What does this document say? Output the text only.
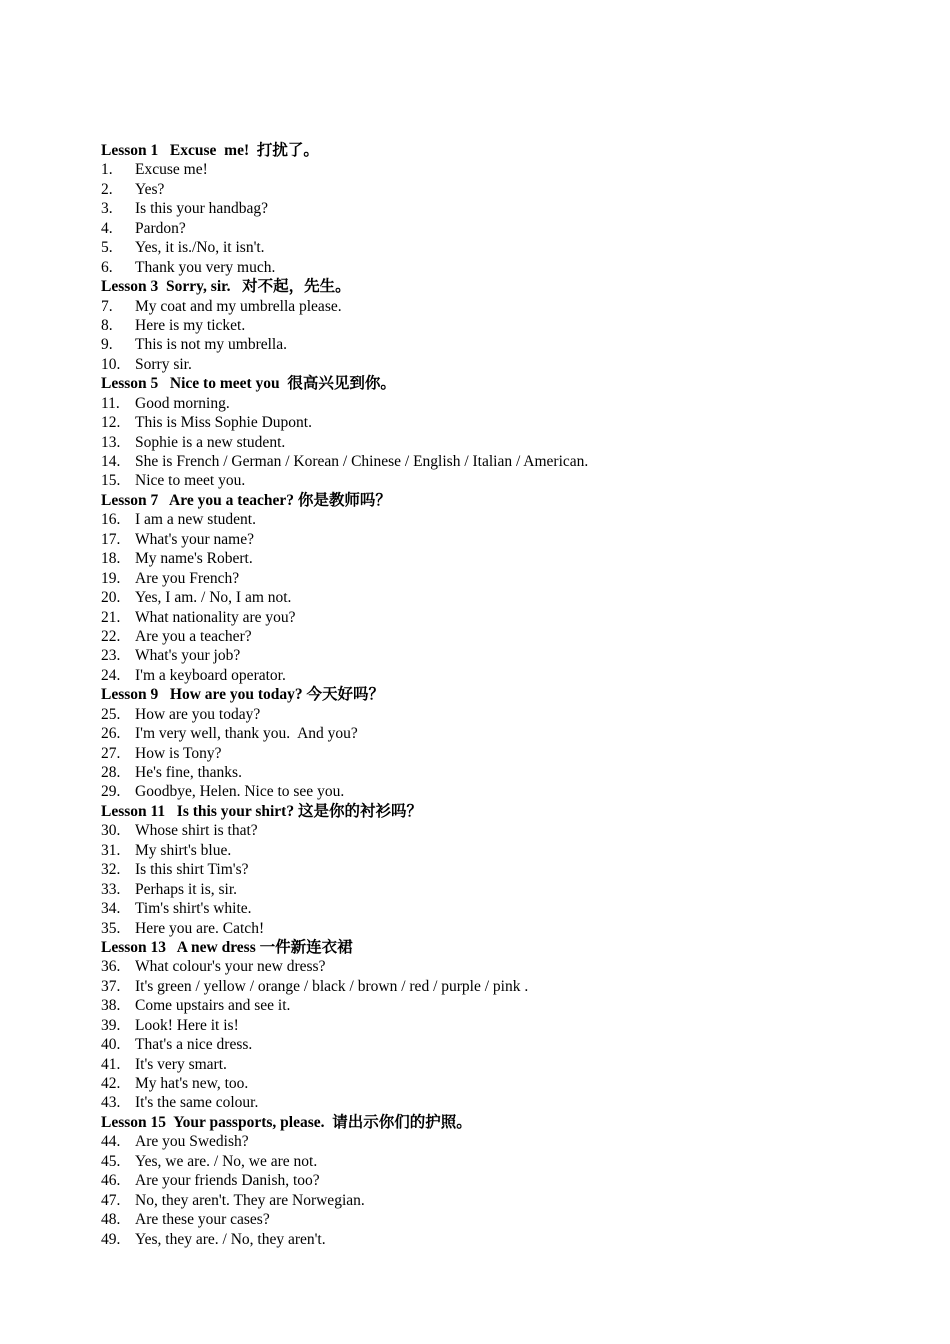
Lesson 1   Excuse  me!  打扰了。
1.	Excuse me!
2.	Yes?
3.	Is this your handbag?
4.	Pardon?
5.	Yes, it is./No, it isn't.
6.	Thank you very much.
Lesson 3  Sorry, sir.   对不起，先生。
7.	My coat and my umbrella please.
8.	Here is my ticket.
9.	This is not my umbrella.
10. Sorry sir.
Lesson 5   Nice to meet you  很高兴见到你。
11. Good morning.
12. This is Miss Sophie Dupont.
13. Sophie is a new student.
14. She is French / German / Korean / Chinese / English / Italian / American.
15. Nice to meet you.
Lesson 7   Are you a teacher? 你是教师吗？
16. I am a new student.
17. What's your name?
18. My name's Robert.
19. Are you French?
20. Yes, I am. / No, I am not.
21. What nationality are you?
22. Are you a teacher?
23. What's your job?
24. I'm a keyboard operator.
Lesson 9   How are you today? 今天好吗？
25. How are you today?
26. I'm very well, thank you.  And you?
27. How is Tony?
28. He's fine, thanks.
29. Goodbye, Helen. Nice to see you.
Lesson 11   Is this your shirt? 这是你的衬衫吗？
30. Whose shirt is that?
31. My shirt's blue.
32. Is this shirt Tim's?
33. Perhaps it is, sir.
34. Tim's shirt's white.
35. Here you are. Catch!
Lesson 13   A new dress 一件新连衣裙
36. What colour's your new dress?
37. It's green / yellow / orange / black / brown / red / purple / pink .
38. Come upstairs and see it.
39. Look! Here it is!
40. That's a nice dress.
41. It's very smart.
42. My hat's new, too.
43. It's the same colour.
Lesson 15  Your passports, please.  请出示你们的护照。
44. Are you Swedish?
45. Yes, we are. / No, we are not.
46. Are your friends Danish, too?
47. No, they aren't. They are Norwegian.
48. Are these your cases?
49. Yes, they are. / No, they aren't.
